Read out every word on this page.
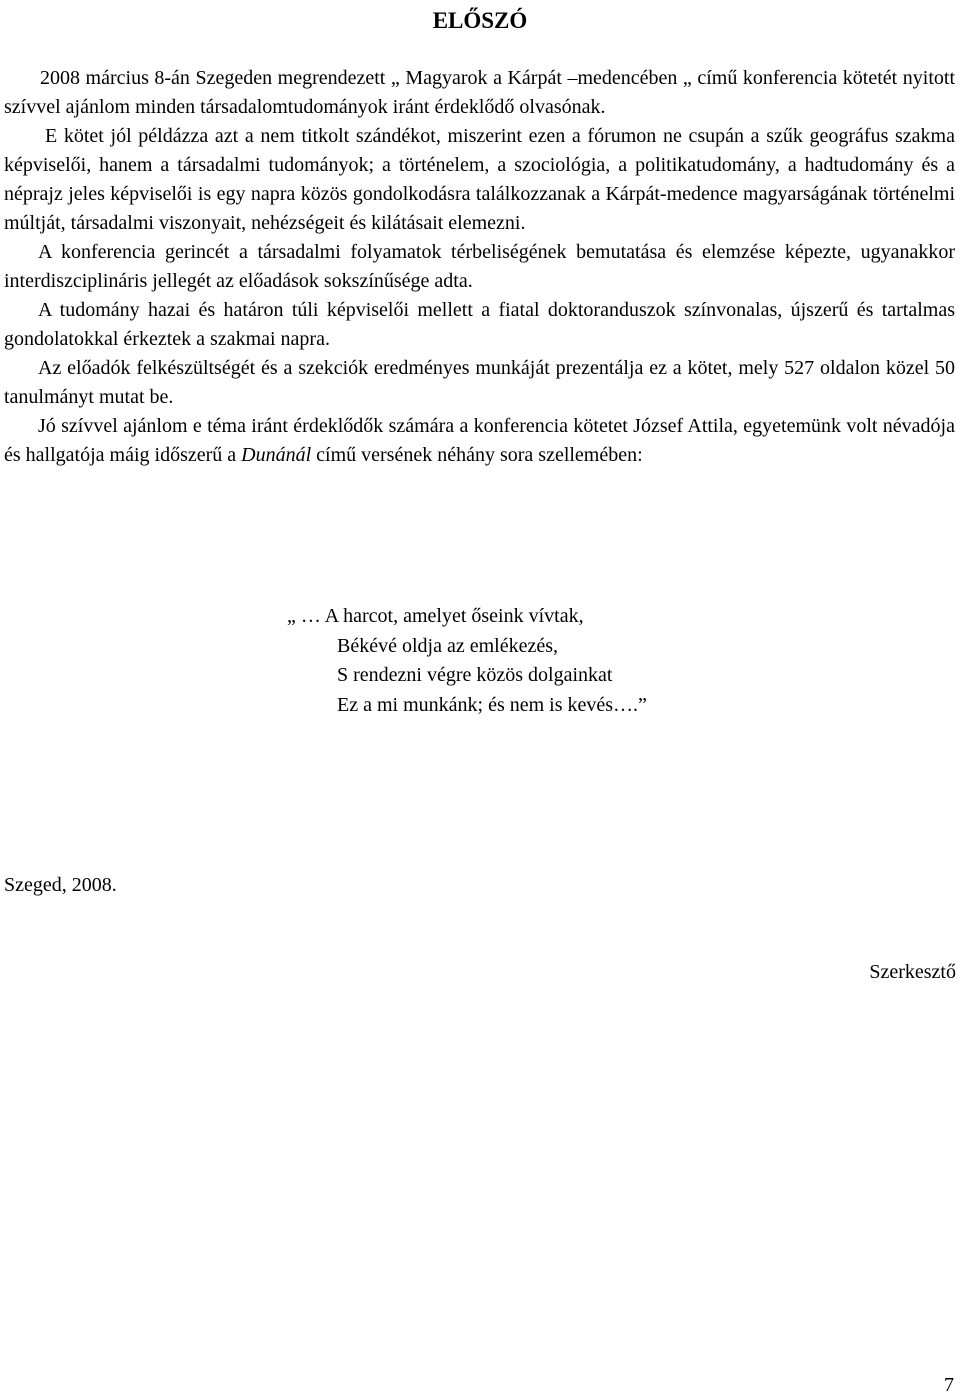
ELŐSZÓ

2008 március 8-án Szegeden megrendezett „ Magyarok a Kárpát –medencében „ című konferencia kötetét nyitott szívvel ajánlom minden társadalomtudományok iránt érdeklődő olvasónak.

E kötet jól példázza azt a nem titkolt szándékot, miszerint ezen a fórumon ne csupán a szűk geográfus szakma képviselői, hanem a társadalmi tudományok; a történelem, a szociológia, a politikatudomány, a hadtudomány és a néprajz jeles képviselői is egy napra közös gondolkodásra találkozzanak a Kárpát-medence magyarságának történelmi múltját, társadalmi viszonyait, nehézségeit és kilátásait elemezni.

A konferencia gerincét a társadalmi folyamatok térbeliségének bemutatása és elemzése képezte, ugyanakkor interdiszciplináris jellegét az előadások sokszínűsége adta.

A tudomány hazai és határon túli képviselői mellett a fiatal doktoranduszok színvonalas, újszerű és tartalmas gondolatokkal érkeztek a szakmai napra.

Az előadók felkészültségét és a szekciók eredményes munkáját prezentálja ez a kötet, mely 527 oldalon közel 50 tanulmányt mutat be.

Jó szívvel ajánlom e téma iránt érdeklődők számára a konferencia kötetet József Attila, egyetemünk volt névadója és hallgatója máig időszerű a Dunánál című versének néhány sora szellemében:

„ … A harcot, amelyet őseink vívtak,
Békévé oldja az emlékezés,
S rendezni végre közös dolgainkat
Ez a mi munkánk; és nem is kevés….”
Szeged, 2008.
Szerkesztő
7
